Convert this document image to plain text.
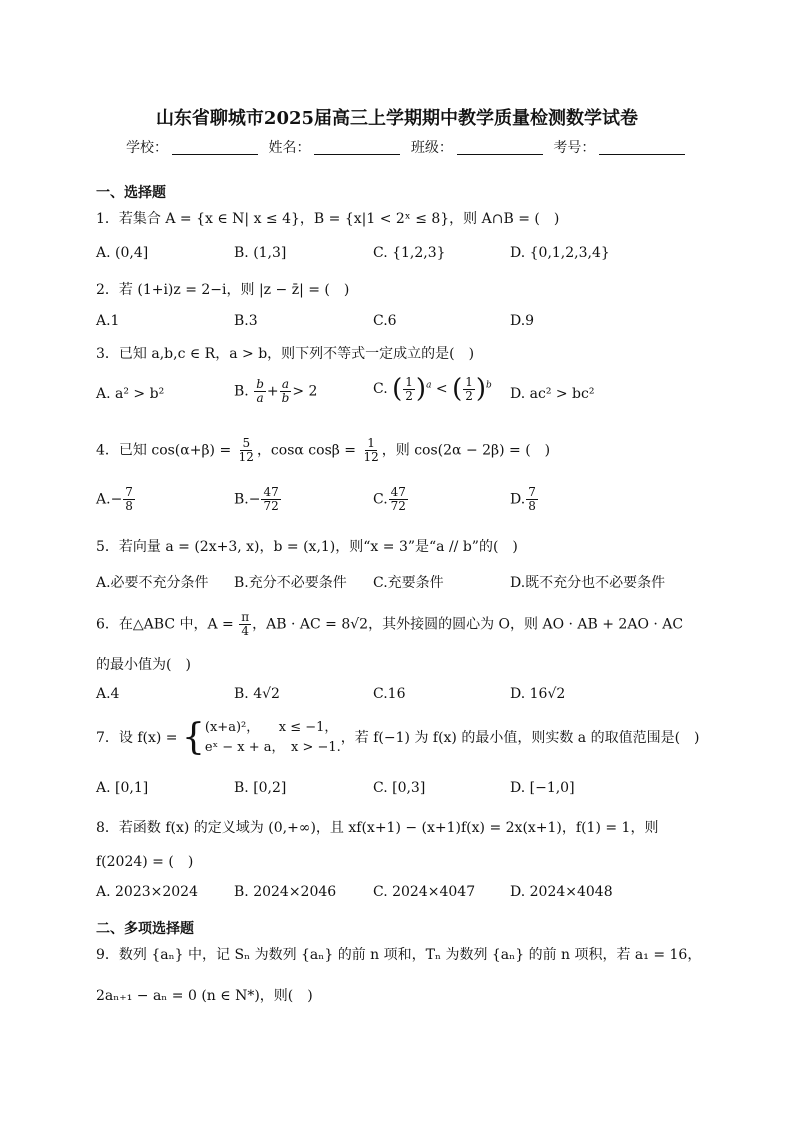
山东省聊城市2025届高三上学期期中教学质量检测数学试卷
学校：	姓名：	班级：	考号：
一、选择题
1．若集合 A = {x ∈ N| x ≤ 4}，B = {x|1 < 2ˣ ≤ 8}，则 A∩B = (　)
A. (0,4]	B. (1,3]	C. {1,2,3}	D. {0,1,2,3,4}
2．若 (1+i)z = 2−i，则 |z − z̄| = (　)
A.1	B.3	C.6	D.9
3．已知 a,b,c ∈ R，a > b，则下列不等式一定成立的是(　)
A. a² > b²	B. $\frac{b}{a} + \frac{a}{b} > 2$	C. ( $\frac{1}{2} )^a$ < ( $\frac{1}{2} )^b$
D. ac² > bc²
4．已知 $\cos(\alpha+\beta) = \frac{5}{12}$ ，cosα $\cos\beta = \frac{1}{12}$ ，则 cos(2α − 2β) = (　)
$A.- \frac{7}{8}$	$B.- \frac{47}{72}$	C. $\frac{47}{72}$	D. $\frac{7}{8}$
5．若向量 a = (2x+3, x)，b = (x,1)，则“x = 3”是“a // b”的(　)
A.必要不充分条件 B.充分不必要条件 C.充要条件	D.既不充分也不必要条件
6．在△ABC 中，$A = \frac{\pi}{4}$ ，AB · AC = 8√2，其外接圆的圆心为 O，则 AO · AB + 2AO · AC
的最小值为(　)
A.4	B. 4√2	C.16	D. 16√2
7．设 f(x) = {(x+a)²，　　x ≤ −1，
eˣ − x + a，　x > −1.，若 f(−1) 为 f(x) 的最小值，则实数 a 的取值范围是(　)
A. [0,1]	B. [0,2]	C. [0,3]	D. [−1,0]
8．若函数 f(x) 的定义域为 (0,+∞)，且 xf(x+1) − (x+1)f(x) = 2x(x+1)，f(1) = 1，则
f(2024) = (　)
A. 2023×2024	B. 2024×2046	C. 2024×4047 D. 2024×4048
二、多项选择题
9．数列 {aₙ} 中，记 Sₙ 为数列 {aₙ} 的前 n 项和，Tₙ 为数列 {aₙ} 的前 n 项积，若 a₁ = 16，
2aₙ₊₁ − aₙ = 0 (n ∈ N*)，则(　)
